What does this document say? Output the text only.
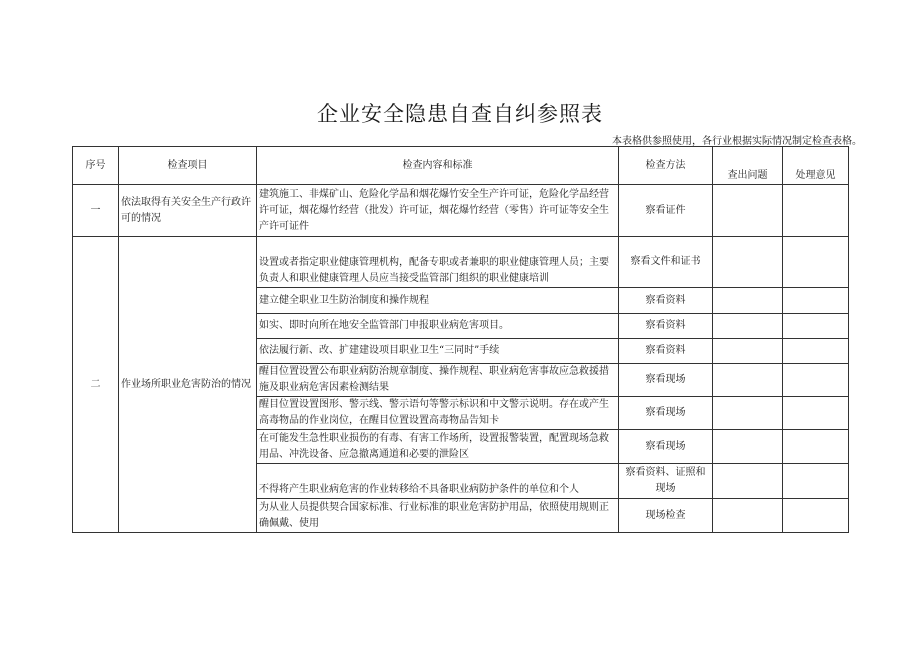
企业安全隐患自查自纠参照表
本表格供参照使用，各行业根据实际情况制定检查表格。
序号	检查项目	检查内容和标准	检查方法	查出问题	处理意见
一	依法取得有关安全生产行政许可的情况	建筑施工、非煤矿山、危险化学品和烟花爆竹安全生产许可证，危险化学品经营许可证，烟花爆竹经营（批发）许可证，烟花爆竹经营（零售）许可证等安全生产许可证件	察看证件		
二	作业场所职业危害防治的情况	设置或者指定职业健康管理机构，配备专职或者兼职的职业健康管理人员；主要负责人和职业健康管理人员应当接受监管部门组织的职业健康培训	察看文件和证书		
		建立健全职业卫生防治制度和操作规程	察看资料		
		如实、即时向所在地安全监管部门申报职业病危害项目。	察看资料		
		依法履行新、改、扩建建设项目职业卫生“三同时”手续	察看资料		
		醒目位置设置公布职业病防治规章制度、操作规程、职业病危害事故应急救援措施及职业病危害因素检测结果	察看现场		
		醒目位置设置图形、警示线、警示语句等警示标识和中文警示说明。存在或产生高毒物品的作业岗位，在醒目位置设置高毒物品告知卡	察看现场		
		在可能发生急性职业损伤的有毒、有害工作场所，设置报警装置，配置现场急救用品、冲洗设备、应急撤离通道和必要的泄险区	察看现场		
		不得将产生职业病危害的作业转移给不具备职业病防护条件的单位和个人	察看资料、证照和现场		
		为从业人员提供契合国家标准、行业标准的职业危害防护用品，依照使用规则正确佩戴、使用	现场检查		
